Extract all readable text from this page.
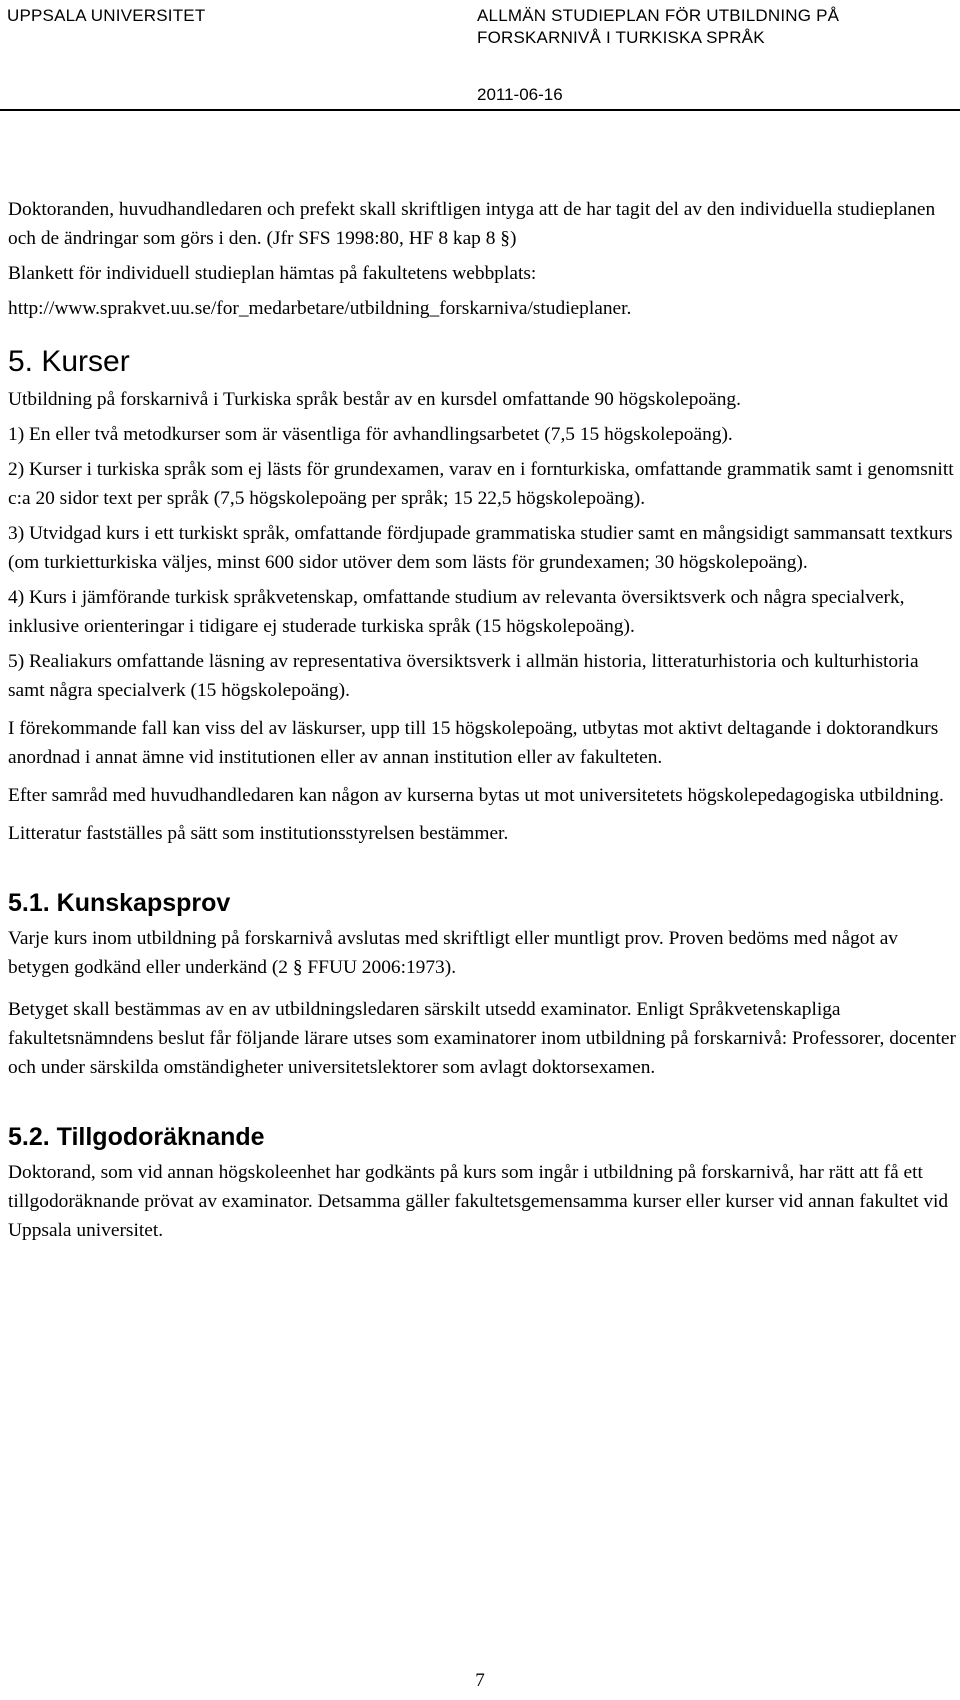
UPPSALA UNIVERSITET	ALLMÄN STUDIEPLAN FÖR UTBILDNING PÅ
FORSKARNIVÅ I TURKISKA SPRÅK
2011-06-16

Doktoranden, huvudhandledaren och prefekt skall skriftligen intyga att de har tagit del av den individuella studieplanen och de ändringar som görs i den. (Jfr SFS 1998:80, HF 8 kap 8 §)

Blankett för individuell studieplan hämtas på fakultetens webbplats:

http://www.sprakvet.uu.se/for_medarbetare/utbildning_forskarniva/studieplaner.

5. Kurser

Utbildning på forskarnivå i Turkiska språk består av en kursdel omfattande 90 högskolepoäng.

1) En eller två metodkurser som är väsentliga för avhandlingsarbetet (7,5 15 högskolepoäng).

2) Kurser i turkiska språk som ej lästs för grundexamen, varav en i fornturkiska, omfattande grammatik samt i genomsnitt c:a 20 sidor text per språk (7,5 högskolepoäng per språk; 15 22,5 högskolepoäng).

3) Utvidgad kurs i ett turkiskt språk, omfattande fördjupade grammatiska studier samt en mångsidigt sammansatt textkurs (om turkietturkiska väljes, minst 600 sidor utöver dem som lästs för grundexamen; 30 högskolepoäng).

4) Kurs i jämförande turkisk språkvetenskap, omfattande studium av relevanta översiktsverk och några specialverk, inklusive orienteringar i tidigare ej studerade turkiska språk (15 högskolepoäng).

5) Realiakurs omfattande läsning av representativa översiktsverk i allmän historia, litteraturhistoria och kulturhistoria samt några specialverk (15 högskolepoäng).

I förekommande fall kan viss del av läskurser, upp till 15 högskolepoäng, utbytas mot aktivt deltagande i doktorandkurs anordnad i annat ämne vid institutionen eller av annan institution eller av fakulteten.

Efter samråd med huvudhandledaren kan någon av kurserna bytas ut mot universitetets högskolepedagogiska utbildning.

Litteratur fastställes på sätt som institutionsstyrelsen bestämmer.

5.1. Kunskapsprov

Varje kurs inom utbildning på forskarnivå avslutas med skriftligt eller muntligt prov. Proven bedöms med något av betygen godkänd eller underkänd (2 § FFUU 2006:1973).

Betyget skall bestämmas av en av utbildningsledaren särskilt utsedd examinator. Enligt Språkvetenskapliga fakultetsnämndens beslut får följande lärare utses som examinatorer inom utbildning på forskarnivå: Professorer, docenter och under särskilda omständigheter universitetslektorer som avlagt doktorsexamen.

5.2. Tillgodoräknande

Doktorand, som vid annan högskoleenhet har godkänts på kurs som ingår i utbildning på forskarnivå, har rätt att få ett tillgodoräknande prövat av examinator. Detsamma gäller fakultetsgemensamma kurser eller kurser vid annan fakultet vid Uppsala universitet.

7
